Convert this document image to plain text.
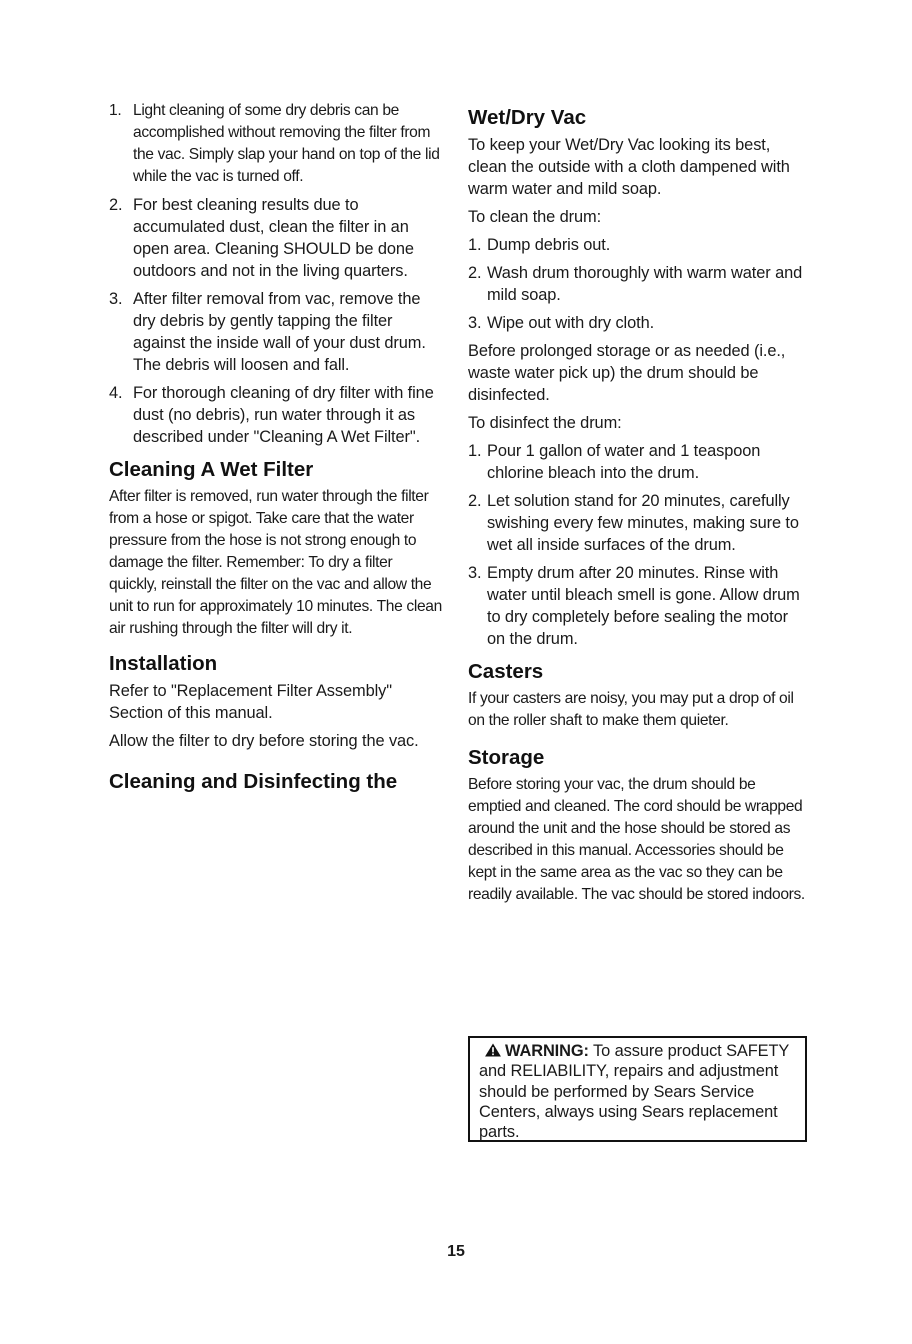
1. Light cleaning of some dry debris can be accomplished without removing the filter from the vac. Simply slap your hand on top of the lid while the vac is turned off.
2. For best cleaning results due to accumulated dust, clean the filter in an open area. Cleaning SHOULD be done outdoors and not in the living quarters.
3. After filter removal from vac, remove the dry debris by gently tapping the filter against the inside wall of your dust drum. The debris will loosen and fall.
4. For thorough cleaning of dry filter with fine dust (no debris), run water through it as described under "Cleaning A Wet Filter".
Cleaning A Wet Filter

After filter is removed, run water through the filter from a hose or spigot. Take care that the water pressure from the hose is not strong enough to damage the filter. Remember: To dry a filter quickly, reinstall the filter on the vac and allow the unit to run for approximately 10 minutes. The clean air rushing through the filter will dry it.

Installation

Refer to "Replacement Filter Assembly" Section of this manual.

Allow the filter to dry before storing the vac.

Cleaning and Disinfecting the
Wet/Dry Vac

To keep your Wet/Dry Vac looking its best, clean the outside with a cloth dampened with warm water and mild soap.

To clean the drum:

1. Dump debris out.
2. Wash drum thoroughly with warm water and mild soap.
3. Wipe out with dry cloth.

Before prolonged storage or as needed (i.e., waste water pick up) the drum should be disinfected.

To disinfect the drum:

1. Pour 1 gallon of water and 1 teaspoon chlorine bleach into the drum.
2. Let solution stand for 20 minutes, carefully swishing every few minutes, making sure to wet all inside surfaces of the drum.
3. Empty drum after 20 minutes. Rinse with water until bleach smell is gone. Allow drum to dry completely before sealing the motor on the drum.
Casters

If your casters are noisy, you may put a drop of oil on the roller shaft to make them quieter.

Storage

Before storing your vac, the drum should be emptied and cleaned. The cord should be wrapped around the unit and the hose should be stored as described in this manual. Accessories should be kept in the same area as the vac so they can be readily available. The vac should be stored indoors.

WARNING: To assure product SAFETY and RELIABILITY, repairs and adjustment should be performed by Sears Service Centers, always using Sears replacement parts.
15
